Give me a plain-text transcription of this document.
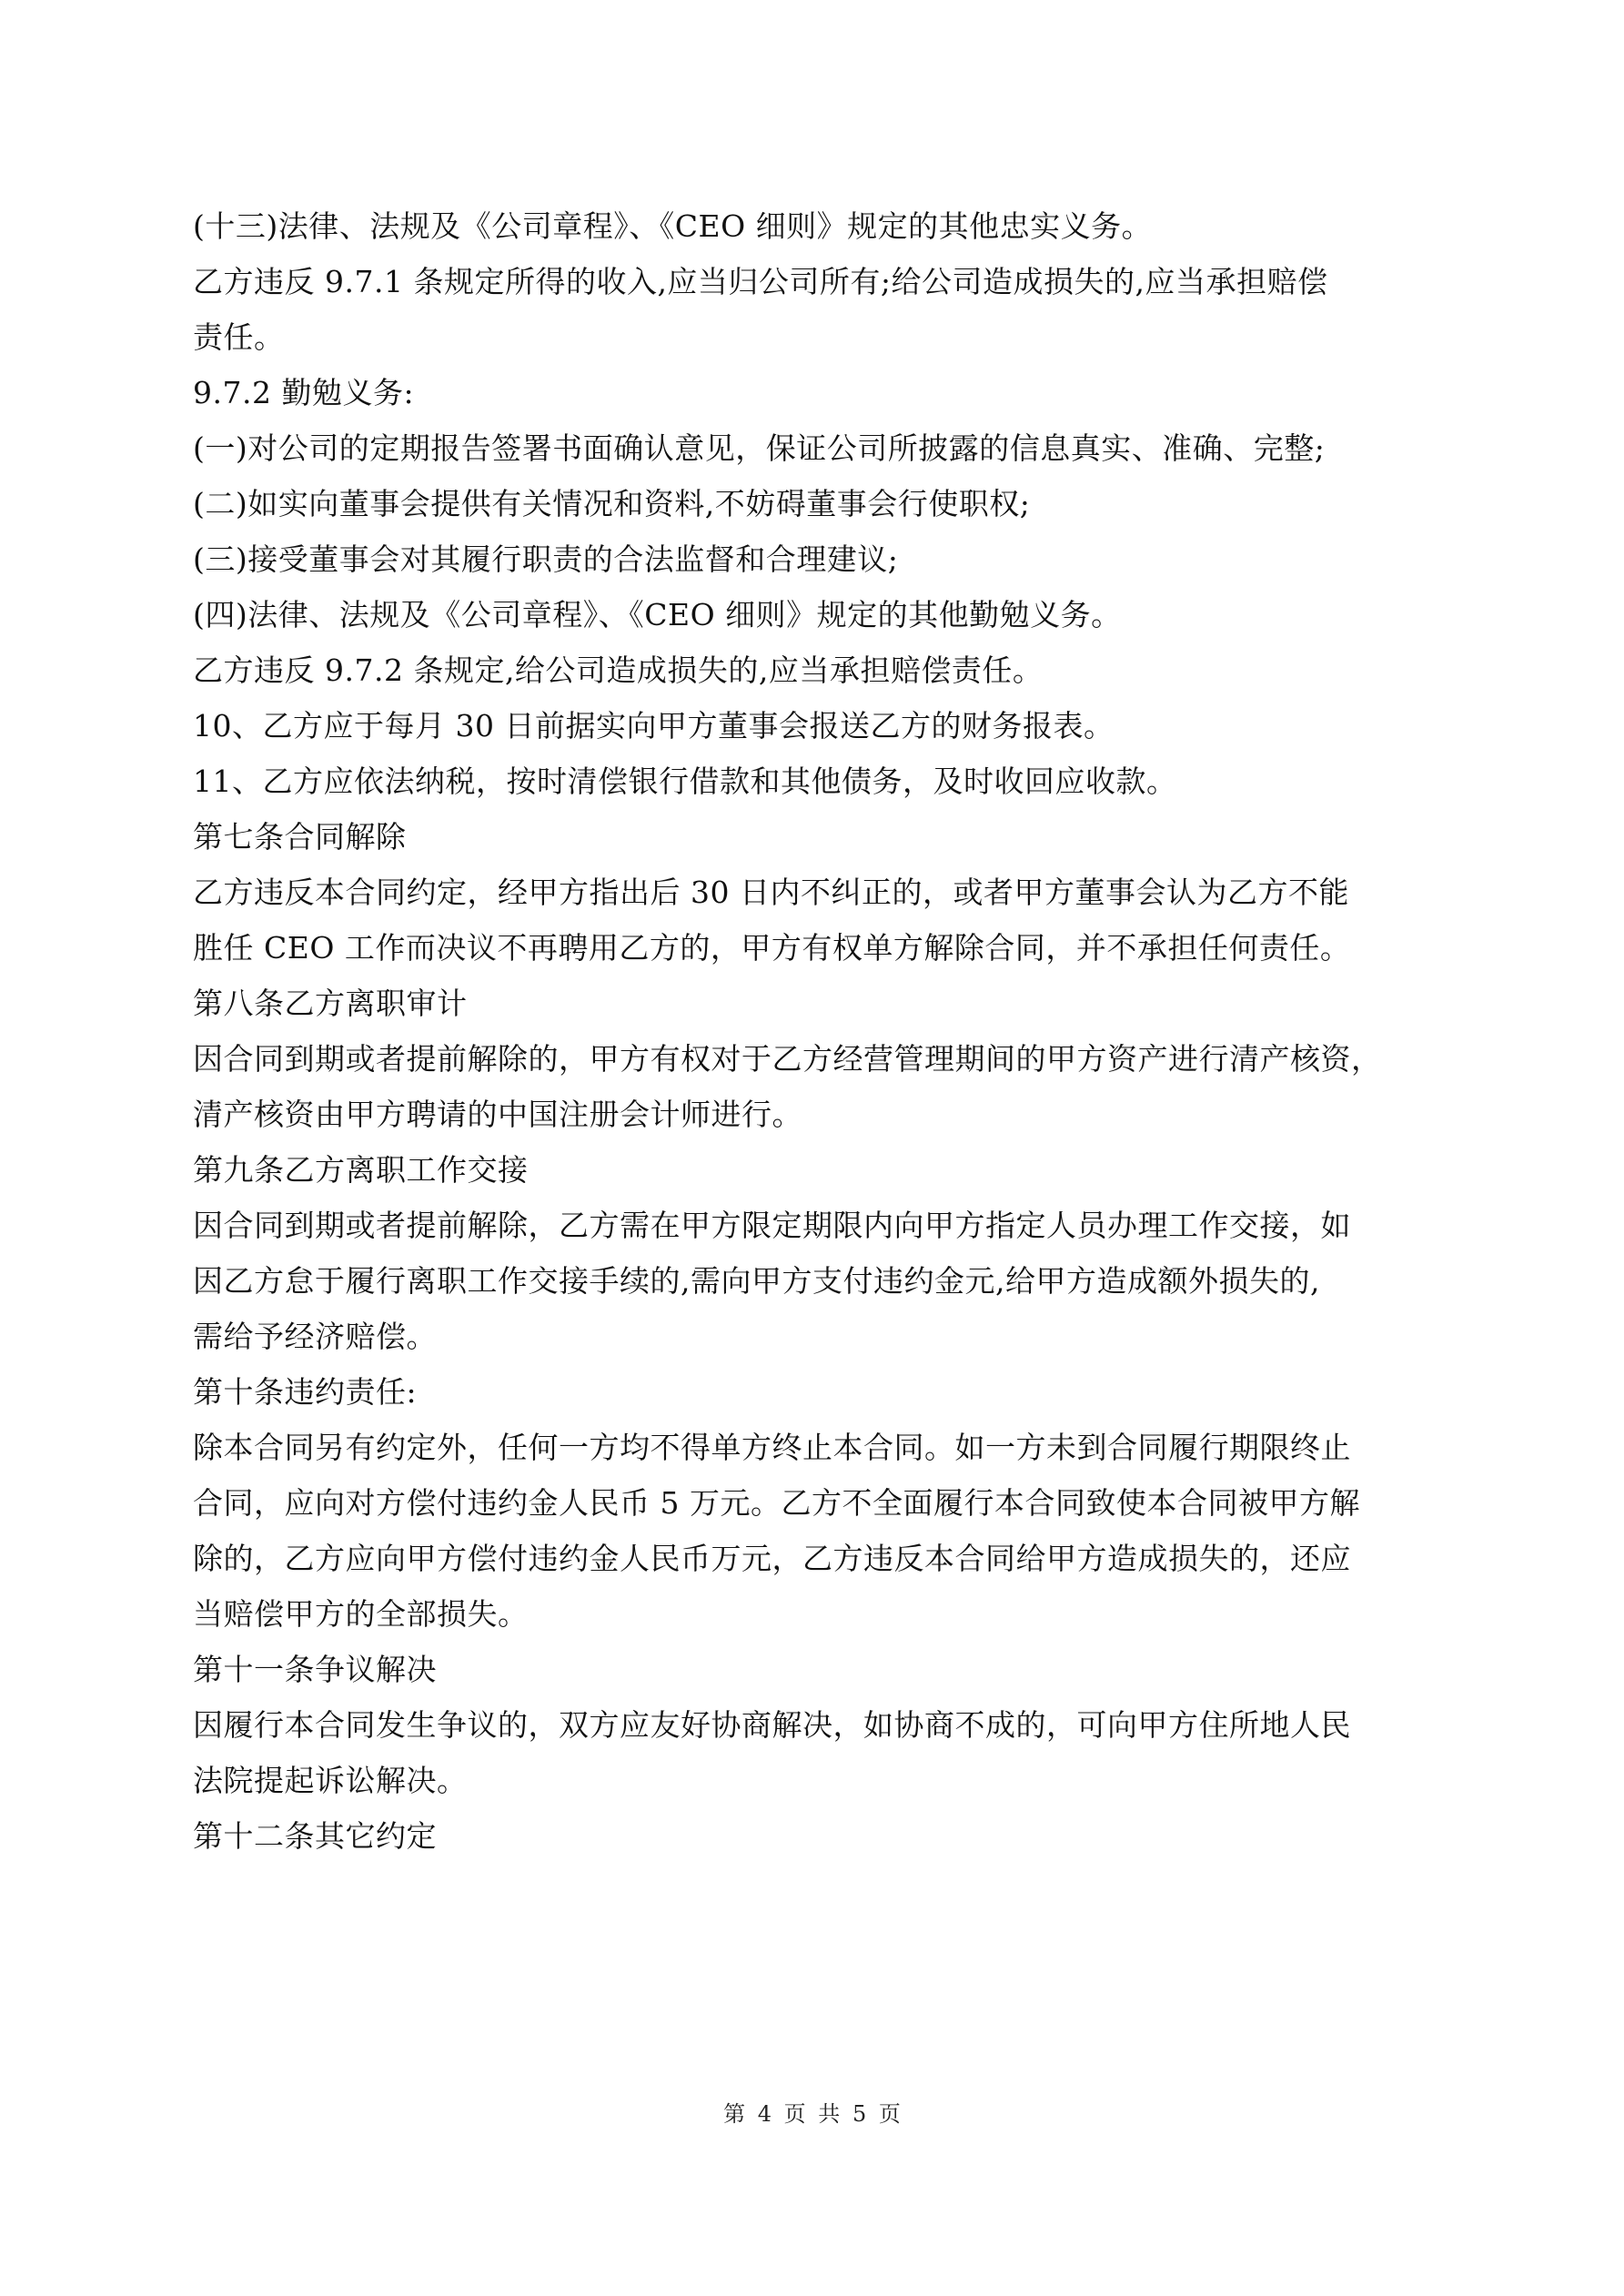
(十三)法律、法规及《公司章程》、《CEO 细则》规定的其他忠实义务。
乙方违反 9.7.1 条规定所得的收入,应当归公司所有;给公司造成损失的,应当承担赔偿
责任。
9.7.2 勤勉义务:
(一)对公司的定期报告签署书面确认意见，保证公司所披露的信息真实、准确、完整;
(二)如实向董事会提供有关情况和资料,不妨碍董事会行使职权;
(三)接受董事会对其履行职责的合法监督和合理建议;
(四)法律、法规及《公司章程》、《CEO 细则》规定的其他勤勉义务。
乙方违反 9.7.2 条规定,给公司造成损失的,应当承担赔偿责任。
10、乙方应于每月 30 日前据实向甲方董事会报送乙方的财务报表。
11、乙方应依法纳税，按时清偿银行借款和其他债务，及时收回应收款。
第七条合同解除
乙方违反本合同约定，经甲方指出后 30 日内不纠正的，或者甲方董事会认为乙方不能
胜任 CEO 工作而决议不再聘用乙方的，甲方有权单方解除合同，并不承担任何责任。
第八条乙方离职审计
因合同到期或者提前解除的，甲方有权对于乙方经营管理期间的甲方资产进行清产核资，
清产核资由甲方聘请的中国注册会计师进行。
第九条乙方离职工作交接
因合同到期或者提前解除，乙方需在甲方限定期限内向甲方指定人员办理工作交接，如
因乙方怠于履行离职工作交接手续的,需向甲方支付违约金元,给甲方造成额外损失的,
需给予经济赔偿。
第十条违约责任:
除本合同另有约定外，任何一方均不得单方终止本合同。如一方未到合同履行期限终止
合同，应向对方偿付违约金人民币 5 万元。乙方不全面履行本合同致使本合同被甲方解
除的，乙方应向甲方偿付违约金人民币万元，乙方违反本合同给甲方造成损失的，还应
当赔偿甲方的全部损失。
第十一条争议解决
因履行本合同发生争议的，双方应友好协商解决，如协商不成的，可向甲方住所地人民
法院提起诉讼解决。
第十二条其它约定
第 4 页 共 5 页
